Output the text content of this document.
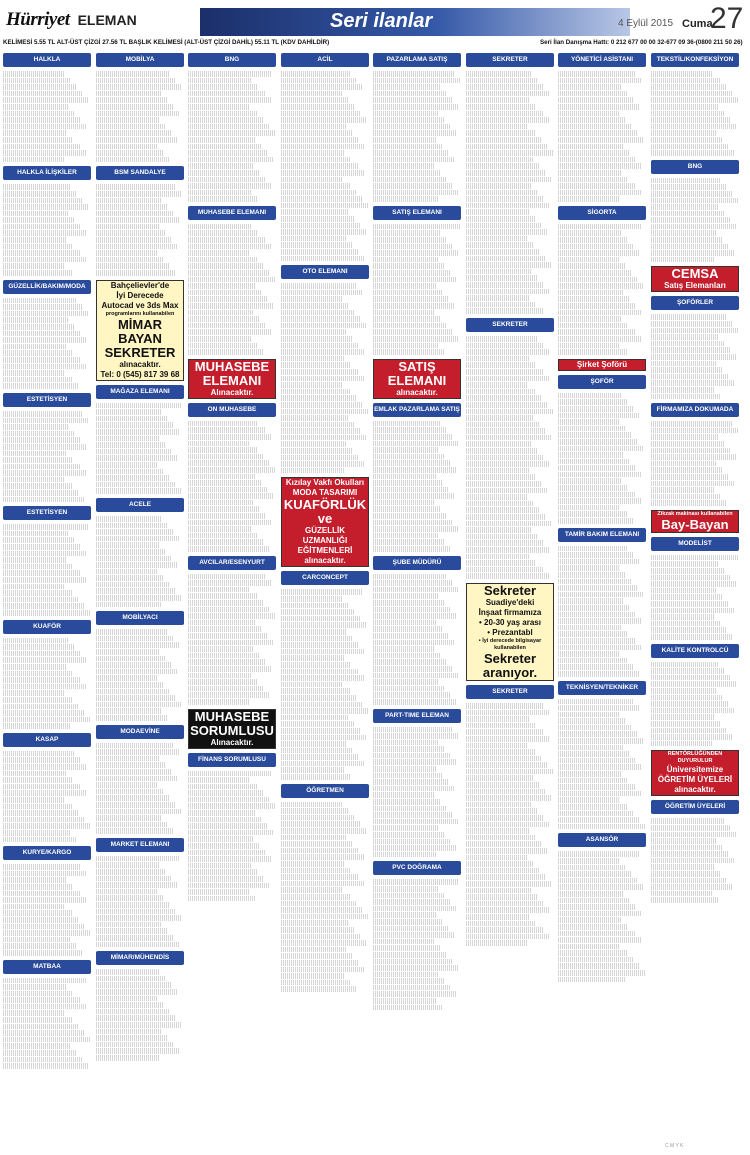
Hürriyet ELEMAN	Seri ilanlar	4 Eylül 2015 Cuma
27
KELİMESİ 5.55 TL ALT-ÜST ÇİZGİ 27.56 TL BAŞLIK KELİMESİ (ALT-ÜST ÇİZGİ DAHİL) 55.11 TL (KDV DAHİLDİR)	Seri İlan Danışma Hattı: 0 212 677 00 00 32-677 09 36-(0800 211 50 26)
HALKLA İLİŞKİLER/ELEMAN
HALKLA İLİŞKİLER
GÜZELLİK/BAKIM/MODA
ESTETİSYEN
ESTETİSYEN
KUAFÖR
KASAP
KURYE/KARGO
MATBAA
MOBİLYA
BSM SANDALYE
Bahçelievler'de
İyi Derecede
Autocad ve 3ds Max
programlarını kullanabilen
MİMAR
BAYAN
SEKRETER
alınacaktır.
Tel: 0 (545) 817 39 68
MAĞAZA ELEMANI
ACELE
MOBİLYACI
MODAEVİNE
MARKET ELEMANI
MİMAR/MÜHENDİS
BNG
MUHASEBE ELEMANI
MUHASEBE
ELEMANI
Alınacaktır.
ON MUHASEBE
AVCILAR/ESENYURT
MUHASEBE
SORUMLUSU
Alınacaktır.
FİNANS SORUMLUSU
ACİL
OTO ELEMANI
Kızılay Vakfı Okulları
MODA TASARIMI
KUAFÖRLÜK
ve
GÜZELLİK UZMANLIĞI
EĞİTMENLERİ
alınacaktır.
CARCONCEPT
ÖĞRETMEN
PAZARLAMA SATIŞ
SATIŞ ELEMANI
SATIŞ
ELEMANI
alınacaktır.
EMLAK PAZARLAMA SATIŞ
ŞUBE MÜDÜRÜ
PART-TIME ELEMAN
PVC DOĞRAMA
SEKRETER
SEKRETER
Sekreter
Suadiye'deki
İnşaat firmamıza
• 20-30 yaş arası
• Prezantabl
• İyi derecede bilgisayar kullanabilen
Sekreter
aranıyor.
SEKRETER
YÖNETİCİ ASİSTANI
SİGORTA
Şirket Şoförü
ŞOFÖR
TAMİR BAKIM ELEMANI
TEKNİSYEN/TEKNİKER
ASANSÖR
TEKSTİL/KONFEKSİYON
BNG
CEMSA
Satış Elemanları
ŞOFÖRLER
FİRMAMIZA DOKUMADA DENEYİMLİ
Zikzak makinası kullanabilen
Bay-Bayan
MODELİST
KALİTE KONTROLCÜ
RENTÖRLÜĞÜNDEN DUYURULUR
Üniversitemize
ÖĞRETİM ÜYELERİ
alınacaktır.
ÖĞRETİM ÜYELERİ
C M Y K
